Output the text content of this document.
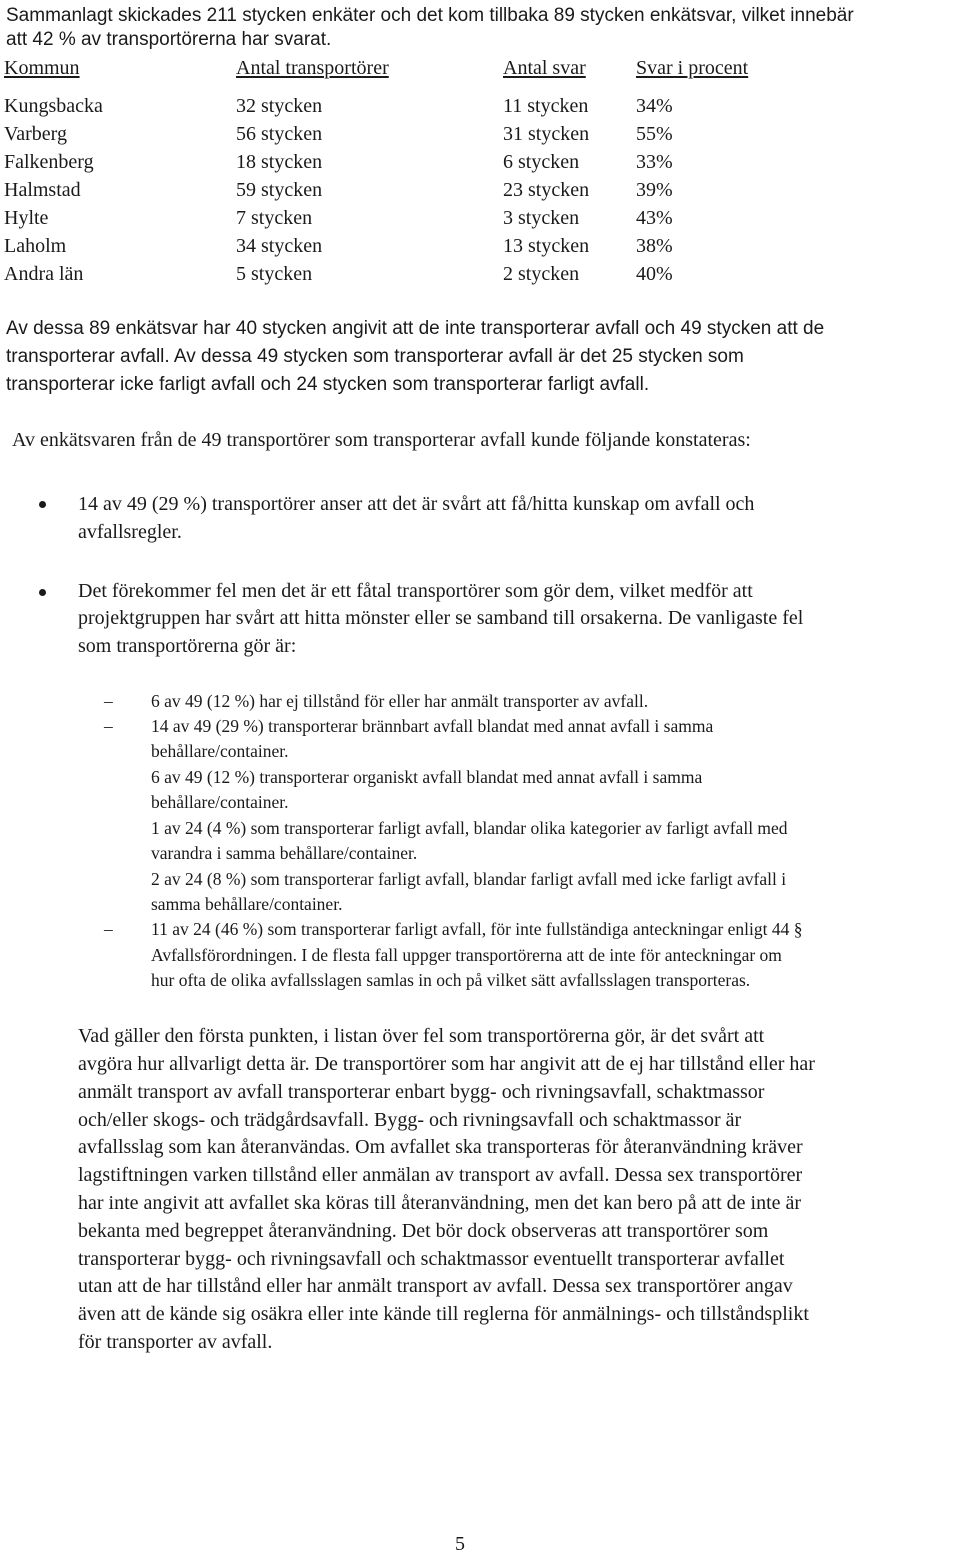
Sammanlagt skickades 211 stycken enkäter och det kom tillbaka 89 stycken enkätsvar, vilket innebär
att 42 % av transportörerna har svarat.
Kommun	Antal transportörer	Antal svar	Svar i procent
Kungsbacka	32 stycken	11 stycken 34%
Varberg	56 stycken	31 stycken 55%
Falkenberg	18 stycken	6 stycken	33%
Halmstad	59 stycken	23 stycken 39%
Hylte	7 stycken	3 stycken	43%
Laholm	34 stycken	13 stycken 38%
Andra län	5 stycken	2 stycken	40%
Av dessa 89 enkätsvar har 40 stycken angivit att de inte transporterar avfall och 49 stycken att de
transporterar avfall. Av dessa 49 stycken som transporterar avfall är det 25 stycken som
transporterar icke farligt avfall och 24 stycken som transporterar farligt avfall.
Av enkätsvaren från de 49 transportörer som transporterar avfall kunde följande konstateras:
14 av 49 (29 %) transportörer anser att det är svårt att få/hitta kunskap om avfall och
avfallsregler.
Det förekommer fel men det är ett fåtal transportörer som gör dem, vilket medför att
projektgruppen har svårt att hitta mönster eller se samband till orsakerna. De vanligaste fel
som transportörerna gör är:
– 6 av 49 (12 %) har ej tillstånd för eller har anmält transporter av avfall.
– 14 av 49 (29 %) transporterar brännbart avfall blandat med annat avfall i samma
behållare/container.
6 av 49 (12 %) transporterar organiskt avfall blandat med annat avfall i samma
behållare/container.
1 av 24 (4 %) som transporterar farligt avfall, blandar olika kategorier av farligt avfall med
varandra i samma behållare/container.
2 av 24 (8 %) som transporterar farligt avfall, blandar farligt avfall med icke farligt avfall i
samma behållare/container.
– 11 av 24 (46 %) som transporterar farligt avfall, för inte fullständiga anteckningar enligt 44 §
Avfallsförordningen. I de flesta fall uppger transportörerna att de inte för anteckningar om
hur ofta de olika avfallsslagen samlas in och på vilket sätt avfallsslagen transporteras.
Vad gäller den första punkten, i listan över fel som transportörerna gör, är det svårt att
avgöra hur allvarligt detta är. De transportörer som har angivit att de ej har tillstånd eller har
anmält transport av avfall transporterar enbart bygg- och rivningsavfall, schaktmassor
och/eller skogs- och trädgårdsavfall. Bygg- och rivningsavfall och schaktmassor är
avfallsslag som kan återanvändas. Om avfallet ska transporteras för återanvändning kräver
lagstiftningen varken tillstånd eller anmälan av transport av avfall. Dessa sex transportörer
har inte angivit att avfallet ska köras till återanvändning, men det kan bero på att de inte är
bekanta med begreppet återanvändning. Det bör dock observeras att transportörer som
transporterar bygg- och rivningsavfall och schaktmassor eventuellt transporterar avfallet
utan att de har tillstånd eller har anmält transport av avfall. Dessa sex transportörer angav
även att de kände sig osäkra eller inte kände till reglerna för anmälnings- och tillståndsplikt
för transporter av avfall.
5
